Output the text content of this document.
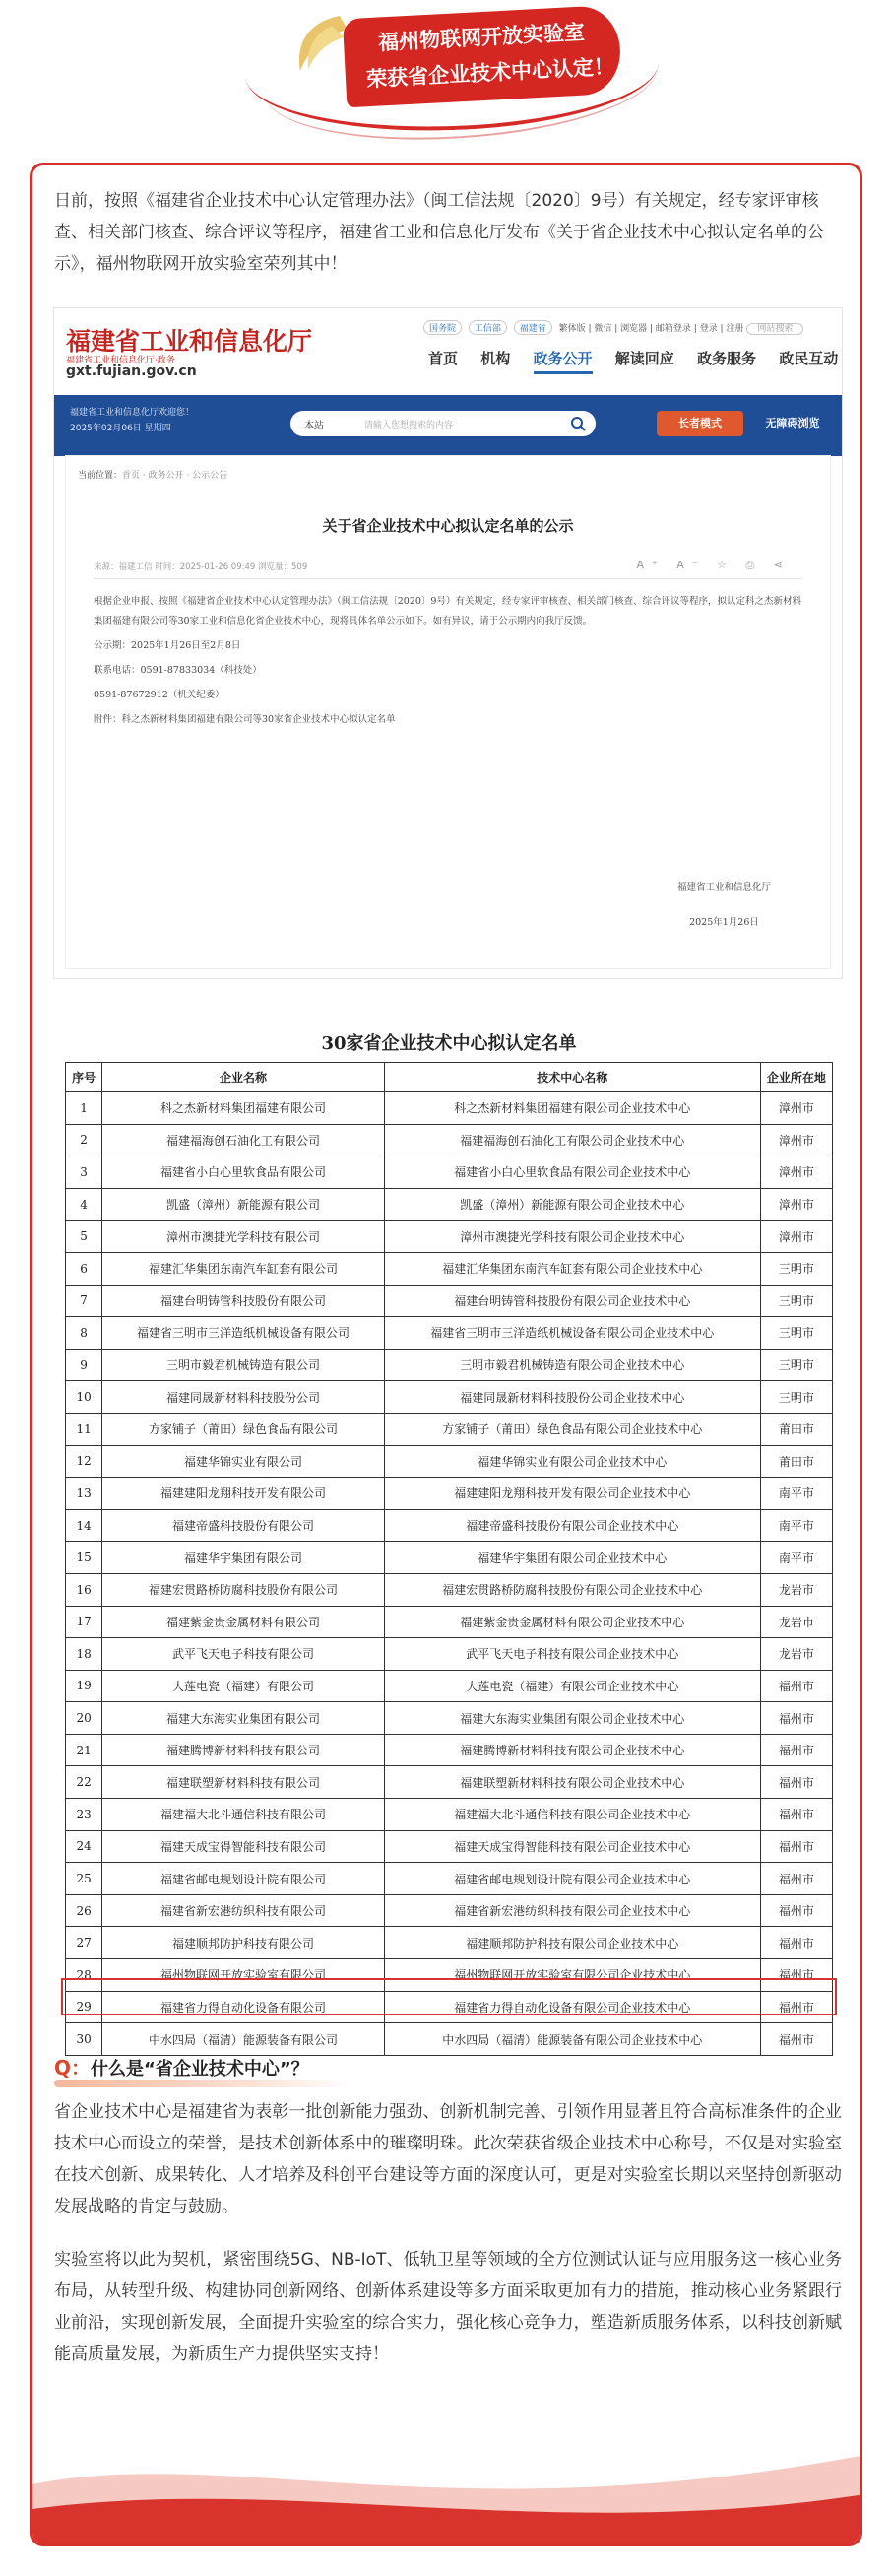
福州物联网开放实验室
荣获省企业技术中心认定！
日前，按照《福建省企业技术中心认定管理办法》（闽工信法规〔2020〕9号）有关规定，经专家评审核查、相关部门核查、综合评议等程序，福建省工业和信息化厅发布《关于省企业技术中心拟认定名单的公示》，福州物联网开放实验室荣列其中！
福建省工业和信息化厅
福建省工业和信息化厅·政务
gxt.fujian.gov.cn
国务院 工信部 福建省 繁体版 | 微信 | 浏览器 | 邮箱登录 | 登录 | 注册 网站搜索
首页 机构 政务公开 解读回应 政务服务 政民互动
福建省工业和信息化厅欢迎您！
2025年02月06日 星期四	本站	请输入您想搜索的内容	长者模式	无障碍浏览
当前位置：首页 · 政务公开 · 公示公告
关于省企业技术中心拟认定名单的公示
来源：福建工信 时间：2025-01-26 09:49 浏览量：509	A⁺ A⁻ ☆ ⎙ ⋖

根据企业申报、按照《福建省企业技术中心认定管理办法》（闽工信法规〔2020〕9号）有关规定，经专家评审核查、相关部门核查、综合评议等程序，拟认定科之杰新材料集团福建有限公司等30家工业和信息化省企业技术中心，现将具体名单公示如下。如有异议，请于公示期内向我厅反馈。

公示期：2025年1月26日至2月8日

联系电话：0591-87833034（科技处）

0591-87672912（机关纪委）

附件：科之杰新材料集团福建有限公司等30家省企业技术中心拟认定名单

福建省工业和信息化厅
2025年1月26日
30家省企业技术中心拟认定名单
序号	企业名称	技术中心名称	企业所在地
1	科之杰新材料集团福建有限公司	科之杰新材料集团福建有限公司企业技术中心	漳州市
2	福建福海创石油化工有限公司	福建福海创石油化工有限公司企业技术中心	漳州市
3	福建省小白心里软食品有限公司	福建省小白心里软食品有限公司企业技术中心	漳州市
4	凯盛（漳州）新能源有限公司	凯盛（漳州）新能源有限公司企业技术中心	漳州市
5	漳州市澳捷光学科技有限公司	漳州市澳捷光学科技有限公司企业技术中心	漳州市
6	福建汇华集团东南汽车缸套有限公司	福建汇华集团东南汽车缸套有限公司企业技术中心	三明市
7	福建台明铸管科技股份有限公司	福建台明铸管科技股份有限公司企业技术中心	三明市
8	福建省三明市三洋造纸机械设备有限公司	福建省三明市三洋造纸机械设备有限公司企业技术中心	三明市
9	三明市毅君机械铸造有限公司	三明市毅君机械铸造有限公司企业技术中心	三明市
10	福建同晟新材料科技股份公司	福建同晟新材料科技股份公司企业技术中心	三明市
11	方家铺子（莆田）绿色食品有限公司	方家铺子（莆田）绿色食品有限公司企业技术中心	莆田市
12	福建华锦实业有限公司	福建华锦实业有限公司企业技术中心	莆田市
13	福建建阳龙翔科技开发有限公司	福建建阳龙翔科技开发有限公司企业技术中心	南平市
14	福建帝盛科技股份有限公司	福建帝盛科技股份有限公司企业技术中心	南平市
15	福建华宇集团有限公司	福建华宇集团有限公司企业技术中心	南平市
16	福建宏贯路桥防腐科技股份有限公司	福建宏贯路桥防腐科技股份有限公司企业技术中心	龙岩市
17	福建紫金贵金属材料有限公司	福建紫金贵金属材料有限公司企业技术中心	龙岩市
18	武平飞天电子科技有限公司	武平飞天电子科技有限公司企业技术中心	龙岩市
19	大莲电瓷（福建）有限公司	大莲电瓷（福建）有限公司企业技术中心	福州市
20	福建大东海实业集团有限公司	福建大东海实业集团有限公司企业技术中心	福州市
21	福建腾博新材料科技有限公司	福建腾博新材料科技有限公司企业技术中心	福州市
22	福建联塑新材料科技有限公司	福建联塑新材料科技有限公司企业技术中心	福州市
23	福建福大北斗通信科技有限公司	福建福大北斗通信科技有限公司企业技术中心	福州市
24	福建天成宝得智能科技有限公司	福建天成宝得智能科技有限公司企业技术中心	福州市
25	福建省邮电规划设计院有限公司	福建省邮电规划设计院有限公司企业技术中心	福州市
26	福建省新宏港纺织科技有限公司	福建省新宏港纺织科技有限公司企业技术中心	福州市
27	福建顺邦防护科技有限公司	福建顺邦防护科技有限公司企业技术中心	福州市
28	福州物联网开放实验室有限公司	福州物联网开放实验室有限公司企业技术中心	福州市
29	福建省力得自动化设备有限公司	福建省力得自动化设备有限公司企业技术中心	福州市
30	中水四局（福清）能源装备有限公司	中水四局（福清）能源装备有限公司企业技术中心	福州市
Q：什么是“省企业技术中心”？
省企业技术中心是福建省为表彰一批创新能力强劲、创新机制完善、引领作用显著且符合高标准条件的企业技术中心而设立的荣誉，是技术创新体系中的璀璨明珠。此次荣获省级企业技术中心称号，不仅是对实验室在技术创新、成果转化、人才培养及科创平台建设等方面的深度认可，更是对实验室长期以来坚持创新驱动发展战略的肯定与鼓励。
实验室将以此为契机，紧密围绕5G、NB-IoT、低轨卫星等领域的全方位测试认证与应用服务这一核心业务布局，从转型升级、构建协同创新网络、创新体系建设等多方面采取更加有力的措施，推动核心业务紧跟行业前沿，实现创新发展，全面提升实验室的综合实力，强化核心竞争力，塑造新质服务体系，以科技创新赋能高质量发展，为新质生产力提供坚实支持！
